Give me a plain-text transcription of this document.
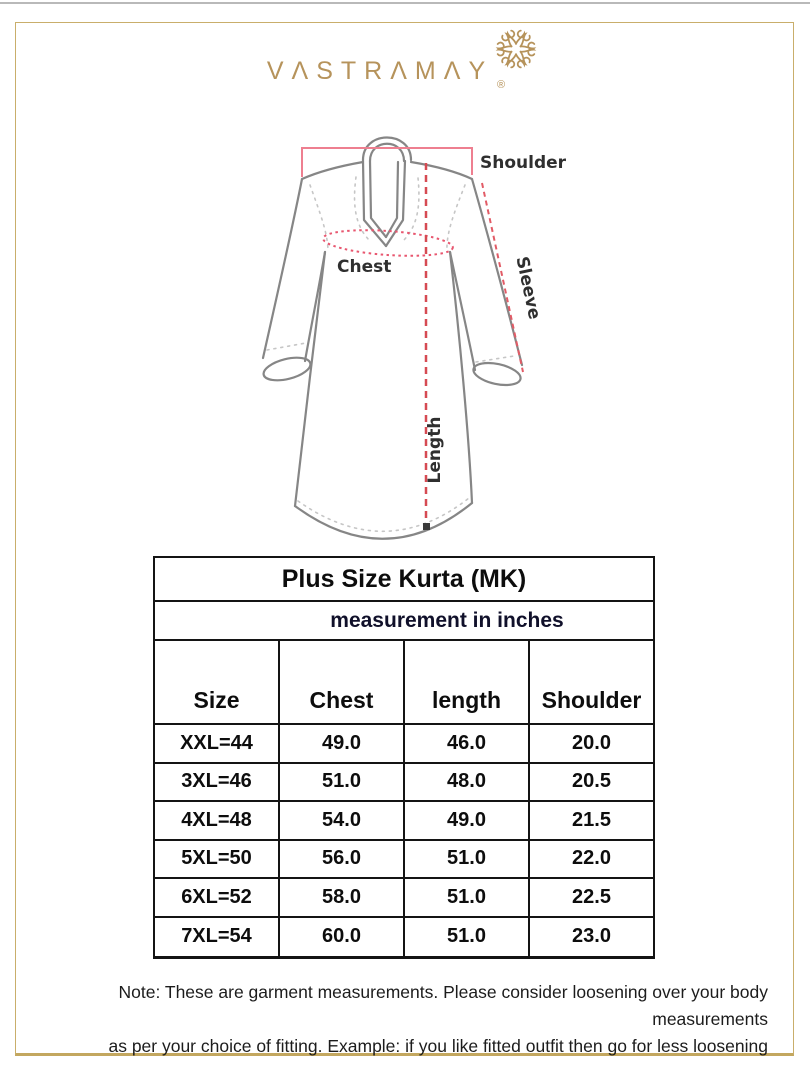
VΛSTRΛMΛY ®
Shoulder
Chest
Length
Sleeve
Plus Size Kurta (MK)
measurement in inches
Size	Chest	length	Shoulder
XXL=44	49.0	46.0	20.0
3XL=46	51.0	48.0	20.5
4XL=48	54.0	49.0	21.5
5XL=50	56.0	51.0	22.0
6XL=52	58.0	51.0	22.5
7XL=54	60.0	51.0	23.0
Note: These are garment measurements. Please consider loosening over your body measurements
as per your choice of fitting. Example: if you like fitted outfit then go for less loosening
